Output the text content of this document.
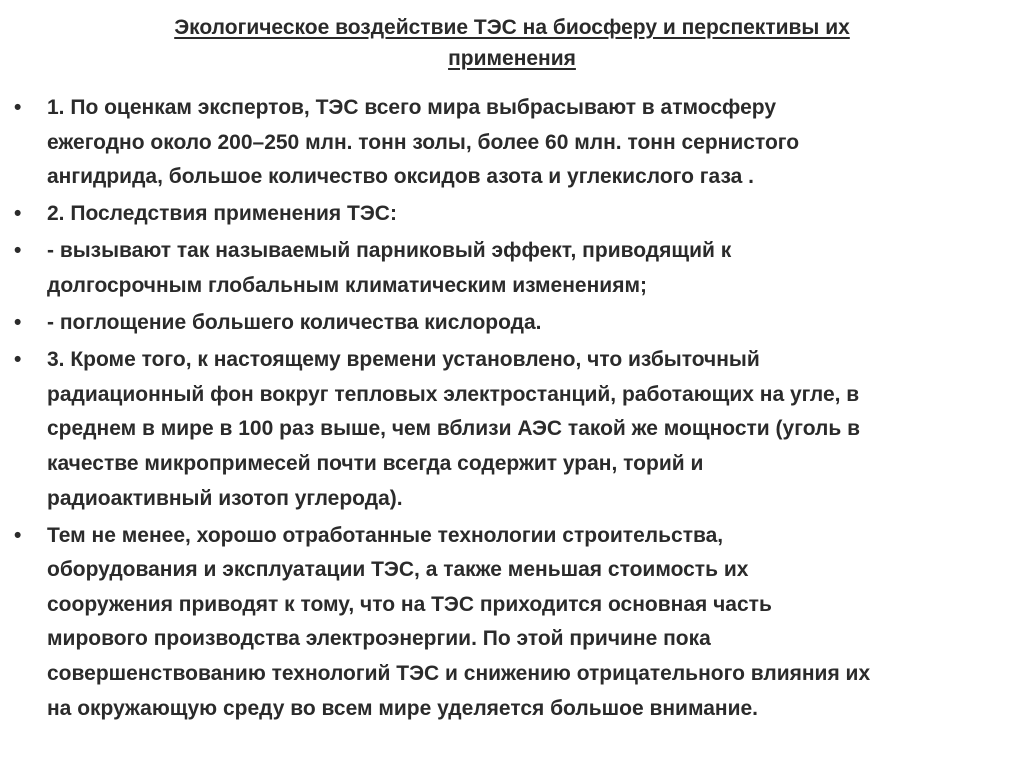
Экологическое воздействие ТЭС на биосферу и перспективы их
применения
•	1. По оценкам экспертов, ТЭС всего мира выбрасывают в атмосферу
ежегодно около 200–250 млн. тонн золы, более 60 млн. тонн сернистого
ангидрида, большое количество оксидов азота и углекислого газа .
•	2. Последствия применения ТЭС:
•	- вызывают так называемый парниковый эффект, приводящий к
долгосрочным глобальным климатическим изменениям;
•	- поглощение большего количества кислорода.
•	3. Кроме того, к настоящему времени установлено, что избыточный
радиационный фон вокруг тепловых электростанций, работающих на угле, в
среднем в мире в 100 раз выше, чем вблизи АЭС такой же мощности (уголь в
качестве микропримесей почти всегда содержит уран, торий и
радиоактивный изотоп углерода).
•	Тем не менее, хорошо отработанные технологии строительства,
оборудования и эксплуатации ТЭС, а также меньшая стоимость их
сооружения приводят к тому, что на ТЭС приходится основная часть
мирового производства электроэнергии. По этой причине пока
совершенствованию технологий ТЭС и снижению отрицательного влияния их
на окружающую среду во всем мире уделяется большое внимание.
